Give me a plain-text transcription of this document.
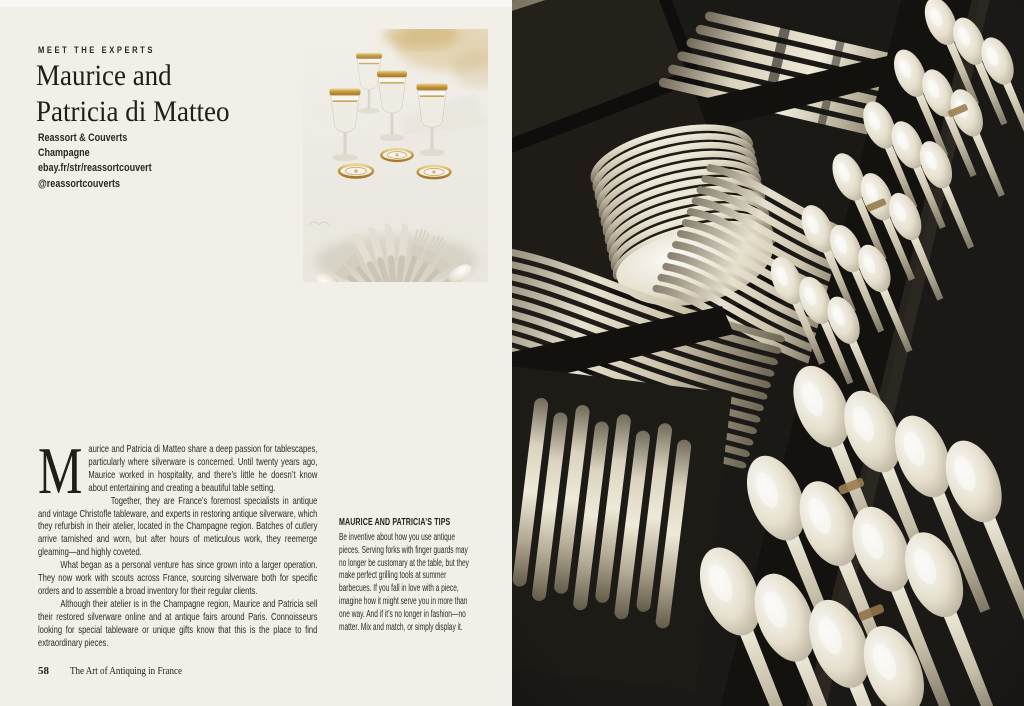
MEET THE EXPERTS
Maurice and
Patricia di Matteo
Reassort & Couverts
Champagne
ebay.fr/str/reassortcouvert
@reassortcouverts

Maurice and Patricia di Matteo share a deep passion for tablescapes, particularly where silverware is concerned. Until twenty years ago, Maurice worked in hospitality, and there’s little he doesn’t know about entertaining and creating a beautiful table setting.

Together, they are France’s foremost specialists in antique and vintage Christofle tableware, and experts in restoring antique silverware, which they refurbish in their atelier, located in the Champagne region. Batches of cutlery arrive tarnished and worn, but after hours of meticulous work, they reemerge gleaming—and highly coveted.

What began as a personal venture has since grown into a larger operation. They now work with scouts across France, sourcing silverware both for specific orders and to assemble a broad inventory for their regular clients.

Although their atelier is in the Champagne region, Maurice and Patricia sell their restored silverware online and at antique fairs around Paris. Connoisseurs looking for special tableware or unique gifts know that this is the place to find extraordinary pieces.

MAURICE AND PATRICIA’S TIPS

Be inventive about how you use antique pieces. Serving forks with finger guards may no longer be customary at the table, but they make perfect grilling tools at summer barbecues. If you fall in love with a piece, imagine how it might serve you in more than one way. And if it’s no longer in fashion—no matter. Mix and match, or simply display it.

58 The Art of Antiquing in France
